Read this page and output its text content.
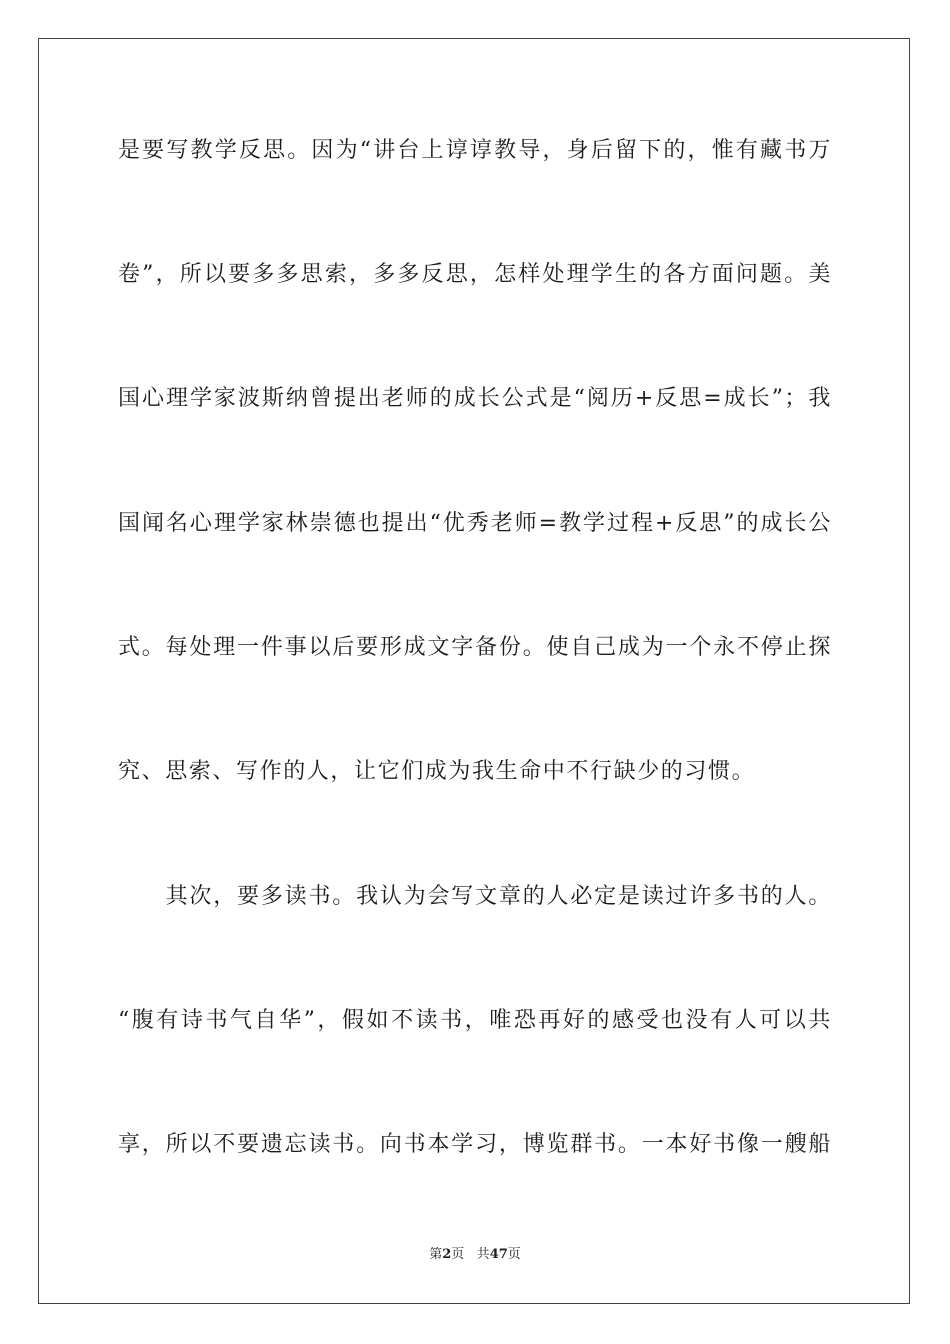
是要写教学反思。因为“讲台上谆谆教导，身后留下的，惟有藏书万
卷”，所以要多多思索，多多反思，怎样处理学生的各方面问题。美
国心理学家波斯纳曾提出老师的成长公式是“阅历+反思=成长”；我
国闻名心理学家林崇德也提出“优秀老师=教学过程+反思”的成长公
式。每处理一件事以后要形成文字备份。使自己成为一个永不停止探
究、思索、写作的人，让它们成为我生命中不行缺少的习惯。
　　其次，要多读书。我认为会写文章的人必定是读过许多书的人。
“腹有诗书气自华”，假如不读书，唯恐再好的感受也没有人可以共
享，所以不要遗忘读书。向书本学习，博览群书。一本好书像一艘船
第2页 共47页
